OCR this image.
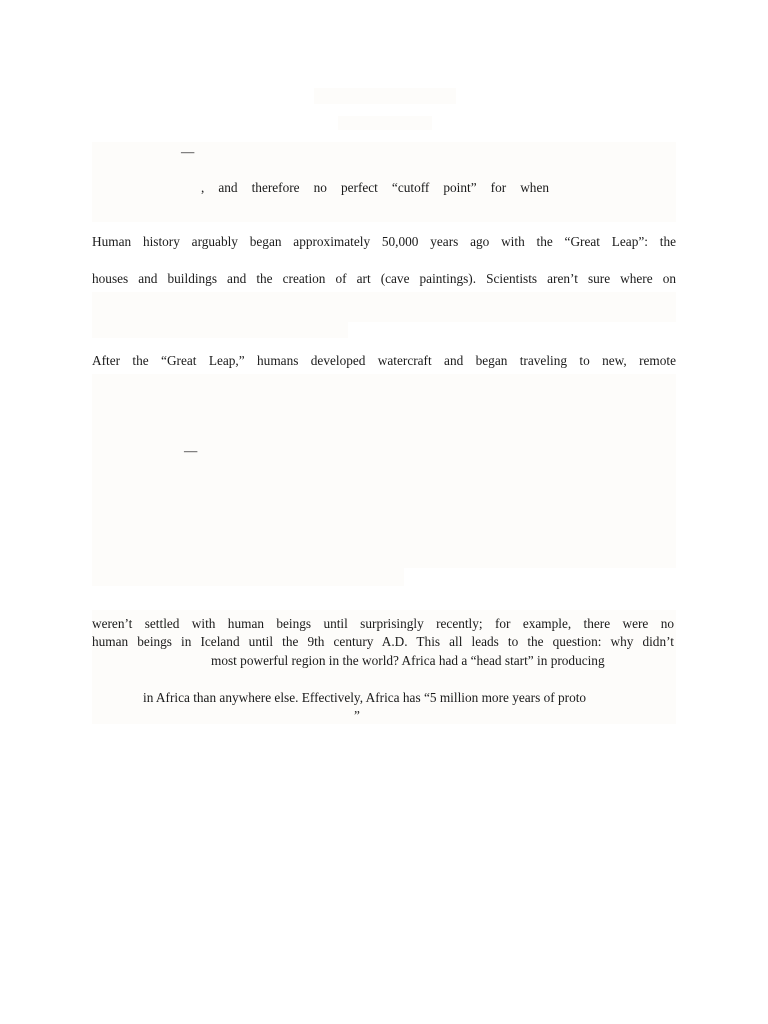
—
, and therefore no perfect “cutoff point” for when
Human history arguably began approximately 50,000 years ago with the “Great Leap”: the
houses and buildings and the creation of art (cave paintings). Scientists aren’t sure where on
After the “Great Leap,” humans developed watercraft and began traveling to new, remote
—
weren’t settled with human beings until surprisingly recently; for example, there were no
human beings in Iceland until the 9th century A.D. This all leads to the question: why didn’t
most powerful region in the world? Africa had a “head start” in producing
in Africa than anywhere else. Effectively, Africa has “5 million more years of proto
”
